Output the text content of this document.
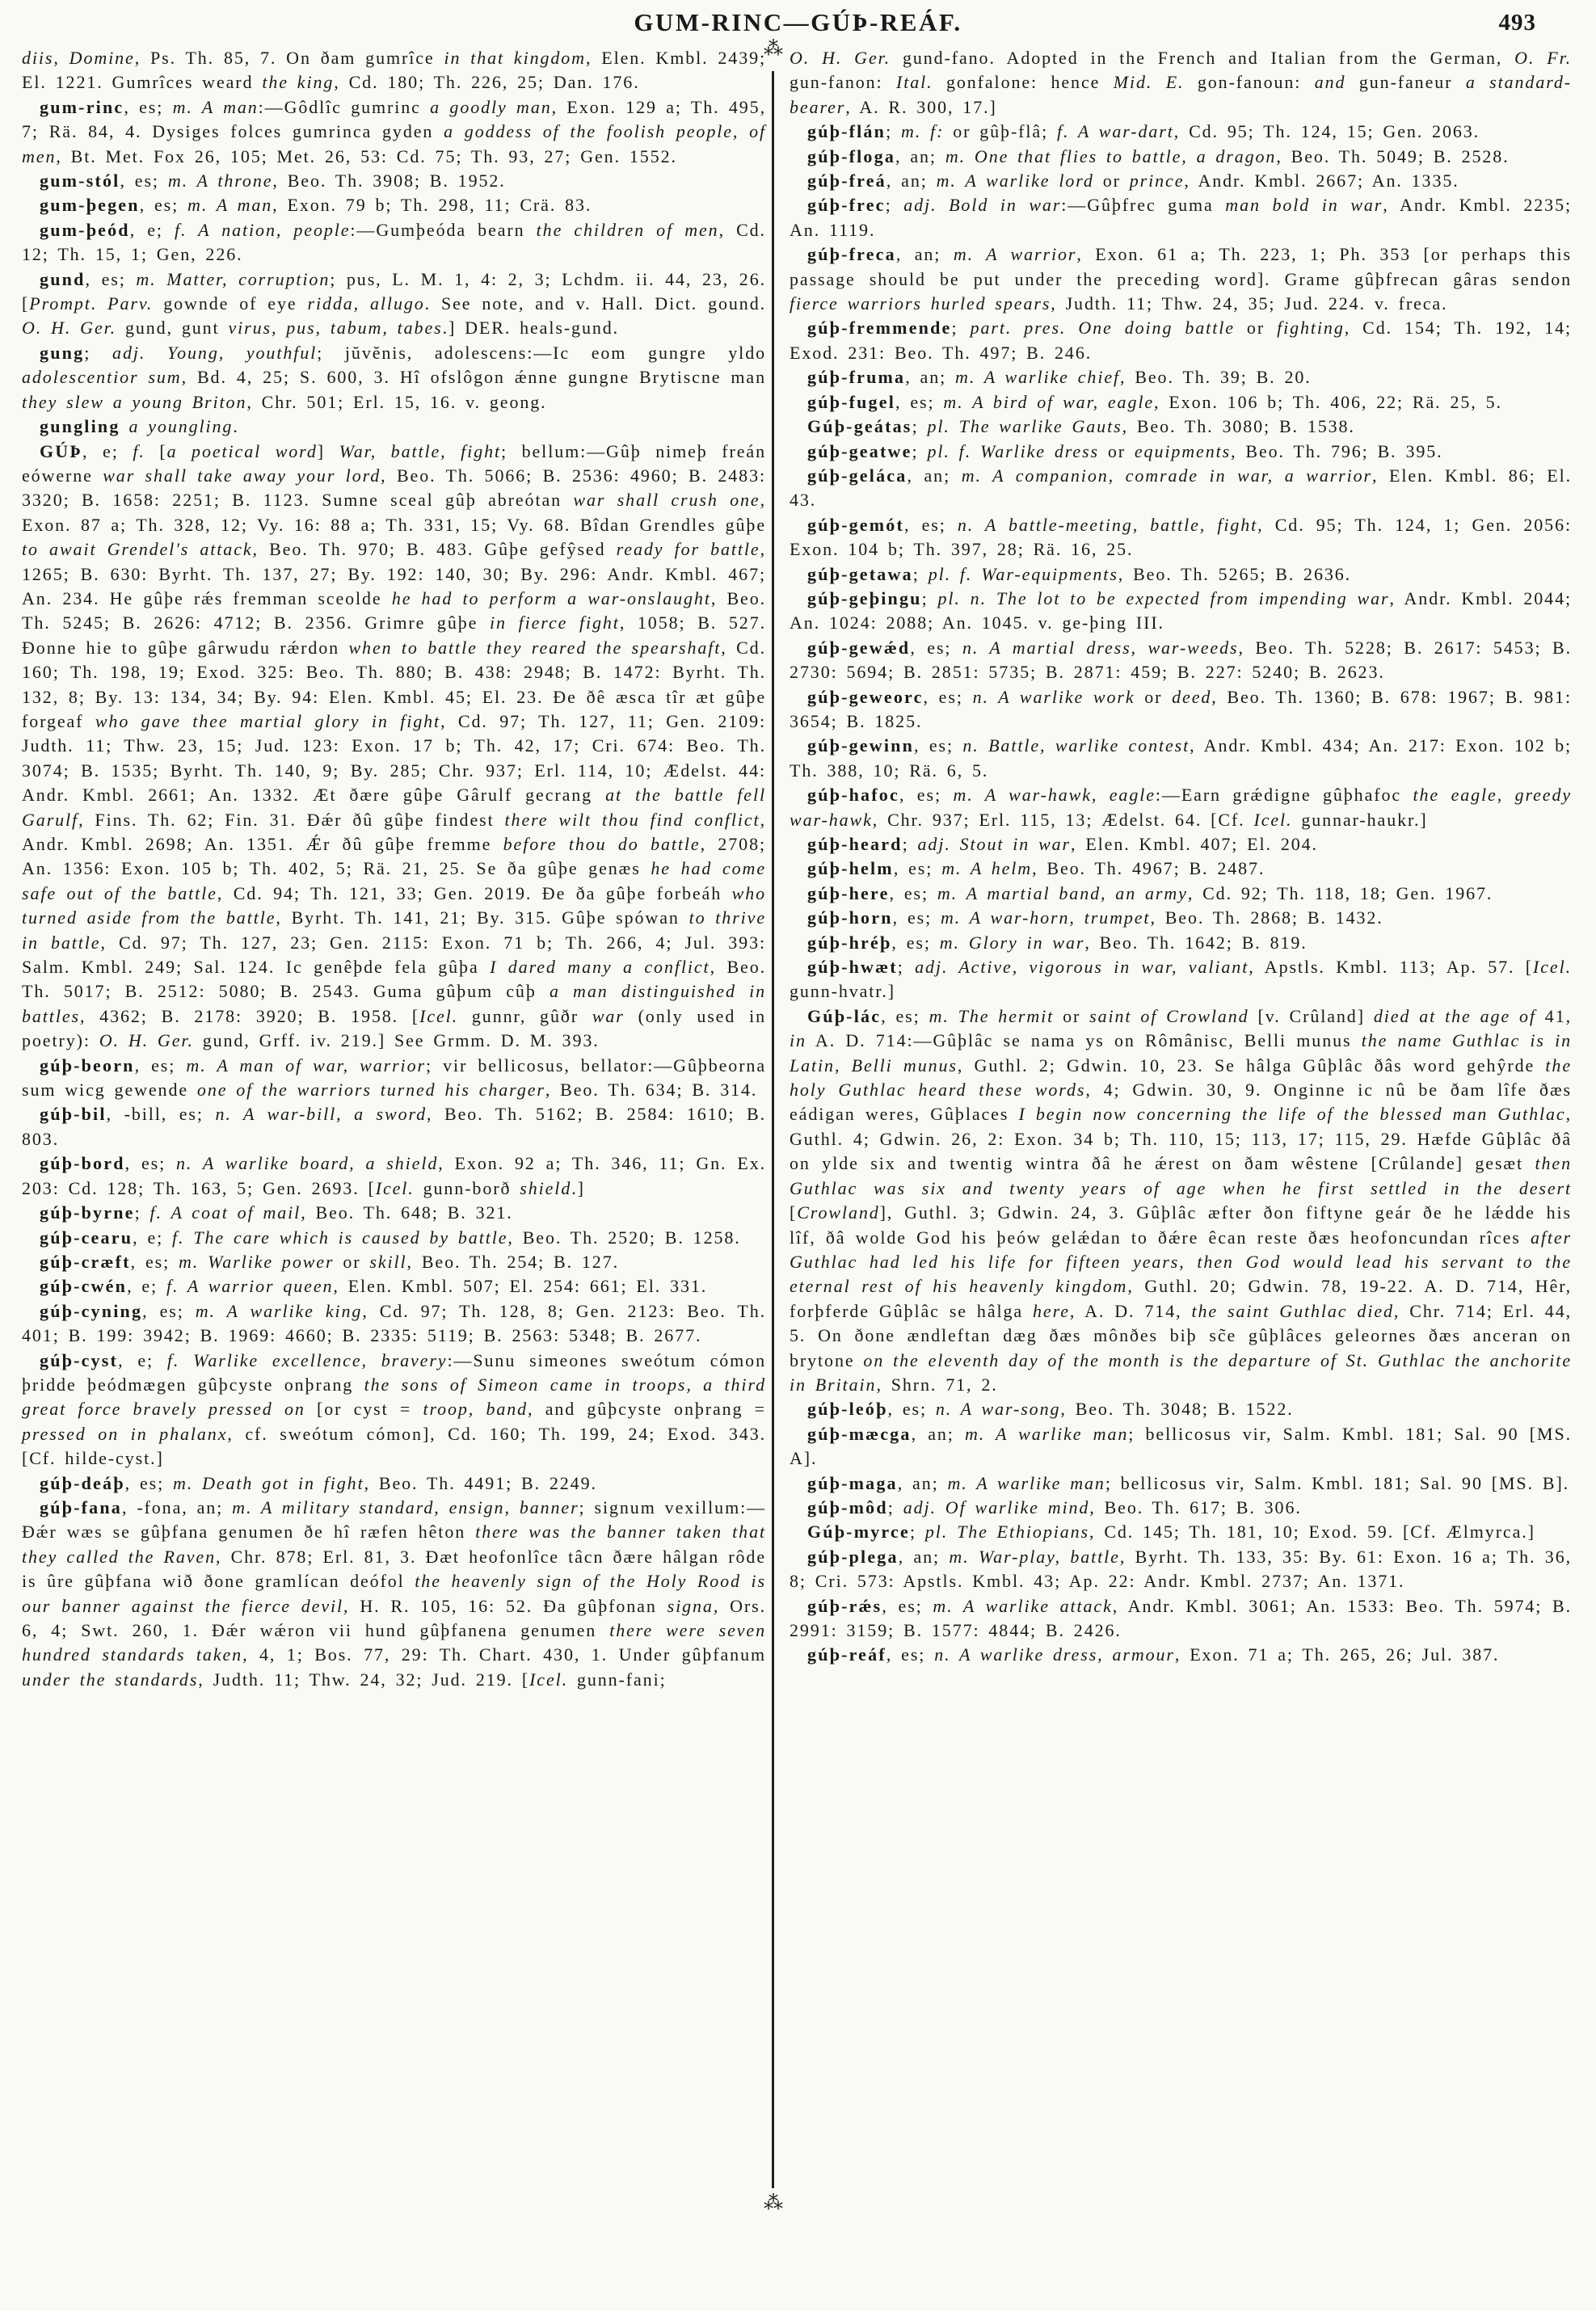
GUM-RINC—GÚÞ-REÁF.	493
⁂
⁂

diis, Domine, Ps. Th. 85, 7. On ðam gumrîce in that kingdom, Elen. Kmbl. 2439; El. 1221. Gumrîces weard the king, Cd. 180; Th. 226, 25; Dan. 176.

gum-rinc, es; m. A man:—Gôdlîc gumrinc a goodly man, Exon. 129 a; Th. 495, 7; Rä. 84, 4. Dysiges folces gumrinca gyden a goddess of the foolish people, of men, Bt. Met. Fox 26, 105; Met. 26, 53: Cd. 75; Th. 93, 27; Gen. 1552.

gum-stól, es; m. A throne, Beo. Th. 3908; B. 1952.

gum-þegen, es; m. A man, Exon. 79 b; Th. 298, 11; Crä. 83.

gum-þeód, e; f. A nation, people:—Gumþeóda bearn the children of men, Cd. 12; Th. 15, 1; Gen, 226.

gund, es; m. Matter, corruption; pus, L. M. 1, 4: 2, 3; Lchdm. ii. 44, 23, 26. [Prompt. Parv. gownde of eye ridda, allugo. See note, and v. Hall. Dict. gound. O. H. Ger. gund, gunt virus, pus, tabum, tabes.] DER. heals-gund.

gung; adj. Young, youthful; jŭvĕnis, adolescens:—Ic eom gungre yldo adolescentior sum, Bd. 4, 25; S. 600, 3. Hî ofslôgon ǽnne gungne Brytiscne man they slew a young Briton, Chr. 501; Erl. 15, 16. v. geong.

gungling a youngling.

GÚÞ, e; f. [a poetical word] War, battle, fight; bellum:—Gûþ nimeþ freán eówerne war shall take away your lord, Beo. Th. 5066; B. 2536: 4960; B. 2483: 3320; B. 1658: 2251; B. 1123. Sumne sceal gûþ abreótan war shall crush one, Exon. 87 a; Th. 328, 12; Vy. 16: 88 a; Th. 331, 15; Vy. 68. Bîdan Grendles gûþe to await Grendel's attack, Beo. Th. 970; B. 483. Gûþe gefŷsed ready for battle, 1265; B. 630: Byrht. Th. 137, 27; By. 192: 140, 30; By. 296: Andr. Kmbl. 467; An. 234. He gûþe rǽs fremman sceolde he had to perform a war-onslaught, Beo. Th. 5245; B. 2626: 4712; B. 2356. Grimre gûþe in fierce fight, 1058; B. 527. Ðonne hie to gûþe gârwudu rǽrdon when to battle they reared the spearshaft, Cd. 160; Th. 198, 19; Exod. 325: Beo. Th. 880; B. 438: 2948; B. 1472: Byrht. Th. 132, 8; By. 13: 134, 34; By. 94: Elen. Kmbl. 45; El. 23. Ðe ðê æsca tîr æt gûþe forgeaf who gave thee martial glory in fight, Cd. 97; Th. 127, 11; Gen. 2109: Judth. 11; Thw. 23, 15; Jud. 123: Exon. 17 b; Th. 42, 17; Cri. 674: Beo. Th. 3074; B. 1535; Byrht. Th. 140, 9; By. 285; Chr. 937; Erl. 114, 10; Ædelst. 44: Andr. Kmbl. 2661; An. 1332. Æt ðære gûþe Gârulf gecrang at the battle fell Garulf, Fins. Th. 62; Fin. 31. Ðǽr ðû gûþe findest there wilt thou find conflict, Andr. Kmbl. 2698; An. 1351. Ǽr ðû gûþe fremme before thou do battle, 2708; An. 1356: Exon. 105 b; Th. 402, 5; Rä. 21, 25. Se ða gûþe genæs he had come safe out of the battle, Cd. 94; Th. 121, 33; Gen. 2019. Ðe ða gûþe forbeáh who turned aside from the battle, Byrht. Th. 141, 21; By. 315. Gûþe spówan to thrive in battle, Cd. 97; Th. 127, 23; Gen. 2115: Exon. 71 b; Th. 266, 4; Jul. 393: Salm. Kmbl. 249; Sal. 124. Ic genêþde fela gûþa I dared many a conflict, Beo. Th. 5017; B. 2512: 5080; B. 2543. Guma gûþum cûþ a man distinguished in battles, 4362; B. 2178: 3920; B. 1958. [Icel. gunnr, gûðr war (only used in poetry): O. H. Ger. gund, Grff. iv. 219.] See Grmm. D. M. 393.

gúþ-beorn, es; m. A man of war, warrior; vir bellicosus, bellator:—Gûþbeorna sum wicg gewende one of the warriors turned his charger, Beo. Th. 634; B. 314.

gúþ-bil, -bill, es; n. A war-bill, a sword, Beo. Th. 5162; B. 2584: 1610; B. 803.

gúþ-bord, es; n. A warlike board, a shield, Exon. 92 a; Th. 346, 11; Gn. Ex. 203: Cd. 128; Th. 163, 5; Gen. 2693. [Icel. gunn-borð shield.]

gúþ-byrne; f. A coat of mail, Beo. Th. 648; B. 321.

gúþ-cearu, e; f. The care which is caused by battle, Beo. Th. 2520; B. 1258.

gúþ-cræft, es; m. Warlike power or skill, Beo. Th. 254; B. 127.

gúþ-cwén, e; f. A warrior queen, Elen. Kmbl. 507; El. 254: 661; El. 331.

gúþ-cyning, es; m. A warlike king, Cd. 97; Th. 128, 8; Gen. 2123: Beo. Th. 401; B. 199: 3942; B. 1969: 4660; B. 2335: 5119; B. 2563: 5348; B. 2677.

gúþ-cyst, e; f. Warlike excellence, bravery:—Sunu simeones sweótum cómon þridde þeódmægen gûþcyste onþrang the sons of Simeon came in troops, a third great force bravely pressed on [or cyst = troop, band, and gûþcyste onþrang = pressed on in phalanx, cf. sweótum cómon], Cd. 160; Th. 199, 24; Exod. 343. [Cf. hilde-cyst.]

gúþ-deáþ, es; m. Death got in fight, Beo. Th. 4491; B. 2249.

gúþ-fana, -fona, an; m. A military standard, ensign, banner; signum vexillum:—Ðǽr wæs se gûþfana genumen ðe hî ræfen hêton there was the banner taken that they called the Raven, Chr. 878; Erl. 81, 3. Ðæt heofonlîce tâcn ðære hâlgan rôde is ûre gûþfana wið ðone gramlícan deófol the heavenly sign of the Holy Rood is our banner against the fierce devil, H. R. 105, 16: 52. Ða gûþfonan signa, Ors. 6, 4; Swt. 260, 1. Ðǽr wǽron vii hund gûþfanena genumen there were seven hundred standards taken, 4, 1; Bos. 77, 29: Th. Chart. 430, 1. Under gûþfanum under the standards, Judth. 11; Thw. 24, 32; Jud. 219. [Icel. gunn-fani;

O. H. Ger. gund-fano. Adopted in the French and Italian from the German, O. Fr. gun-fanon: Ital. gonfalone: hence Mid. E. gon-fanoun: and gun-faneur a standard-bearer, A. R. 300, 17.]

gúþ-flán; m. f: or gûþ-flâ; f. A war-dart, Cd. 95; Th. 124, 15; Gen. 2063.

gúþ-floga, an; m. One that flies to battle, a dragon, Beo. Th. 5049; B. 2528.

gúþ-freá, an; m. A warlike lord or prince, Andr. Kmbl. 2667; An. 1335.

gúþ-frec; adj. Bold in war:—Gûþfrec guma man bold in war, Andr. Kmbl. 2235; An. 1119.

gúþ-freca, an; m. A warrior, Exon. 61 a; Th. 223, 1; Ph. 353 [or perhaps this passage should be put under the preceding word]. Grame gûþfrecan gâras sendon fierce warriors hurled spears, Judth. 11; Thw. 24, 35; Jud. 224. v. freca.

gúþ-fremmende; part. pres. One doing battle or fighting, Cd. 154; Th. 192, 14; Exod. 231: Beo. Th. 497; B. 246.

gúþ-fruma, an; m. A warlike chief, Beo. Th. 39; B. 20.

gúþ-fugel, es; m. A bird of war, eagle, Exon. 106 b; Th. 406, 22; Rä. 25, 5.

Gúþ-geátas; pl. The warlike Gauts, Beo. Th. 3080; B. 1538.

gúþ-geatwe; pl. f. Warlike dress or equipments, Beo. Th. 796; B. 395.

gúþ-geláca, an; m. A companion, comrade in war, a warrior, Elen. Kmbl. 86; El. 43.

gúþ-gemót, es; n. A battle-meeting, battle, fight, Cd. 95; Th. 124, 1; Gen. 2056: Exon. 104 b; Th. 397, 28; Rä. 16, 25.

gúþ-getawa; pl. f. War-equipments, Beo. Th. 5265; B. 2636.

gúþ-geþingu; pl. n. The lot to be expected from impending war, Andr. Kmbl. 2044; An. 1024: 2088; An. 1045. v. ge-þing III.

gúþ-gewǽd, es; n. A martial dress, war-weeds, Beo. Th. 5228; B. 2617: 5453; B. 2730: 5694; B. 2851: 5735; B. 2871: 459; B. 227: 5240; B. 2623.

gúþ-geweorc, es; n. A warlike work or deed, Beo. Th. 1360; B. 678: 1967; B. 981: 3654; B. 1825.

gúþ-gewinn, es; n. Battle, warlike contest, Andr. Kmbl. 434; An. 217: Exon. 102 b; Th. 388, 10; Rä. 6, 5.

gúþ-hafoc, es; m. A war-hawk, eagle:—Earn grǽdigne gûþhafoc the eagle, greedy war-hawk, Chr. 937; Erl. 115, 13; Ædelst. 64. [Cf. Icel. gunnar-haukr.]

gúþ-heard; adj. Stout in war, Elen. Kmbl. 407; El. 204.

gúþ-helm, es; m. A helm, Beo. Th. 4967; B. 2487.

gúþ-here, es; m. A martial band, an army, Cd. 92; Th. 118, 18; Gen. 1967.

gúþ-horn, es; m. A war-horn, trumpet, Beo. Th. 2868; B. 1432.

gúþ-hréþ, es; m. Glory in war, Beo. Th. 1642; B. 819.

gúþ-hwæt; adj. Active, vigorous in war, valiant, Apstls. Kmbl. 113; Ap. 57. [Icel. gunn-hvatr.]

Gúþ-lác, es; m. The hermit or saint of Crowland [v. Crûland] died at the age of 41, in A. D. 714:—Gûþlâc se nama ys on Rômânisc, Belli munus the name Guthlac is in Latin, Belli munus, Guthl. 2; Gdwin. 10, 23. Se hâlga Gûþlâc ðâs word gehŷrde the holy Guthlac heard these words, 4; Gdwin. 30, 9. Onginne ic nû be ðam lîfe ðæs eádigan weres, Gûþlaces I begin now concerning the life of the blessed man Guthlac, Guthl. 4; Gdwin. 26, 2: Exon. 34 b; Th. 110, 15; 113, 17; 115, 29. Hæfde Gûþlâc ðâ on ylde six and twentig wintra ðâ he ǽrest on ðam wêstene [Crûlande] gesæt then Guthlac was six and twenty years of age when he first settled in the desert [Crowland], Guthl. 3; Gdwin. 24, 3. Gûþlâc æfter ðon fiftyne geár ðe he lǽdde his lîf, ðâ wolde God his þeów gelǽdan to ðǽre êcan reste ðæs heofoncundan rîces after Guthlac had led his life for fifteen years, then God would lead his servant to the eternal rest of his heavenly kingdom, Guthl. 20; Gdwin. 78, 19-22. A. D. 714, Hêr, forþferde Gûþlâc se hâlga here, A. D. 714, the saint Guthlac died, Chr. 714; Erl. 44, 5. On ðone ændleftan dæg ðæs mônðes biþ sc̃e gûþlâces geleornes ðæs anceran on brytone on the eleventh day of the month is the departure of St. Guthlac the anchorite in Britain, Shrn. 71, 2.

gúþ-leóþ, es; n. A war-song, Beo. Th. 3048; B. 1522.

gúþ-mæcga, an; m. A warlike man; bellicosus vir, Salm. Kmbl. 181; Sal. 90 [MS. A].

gúþ-maga, an; m. A warlike man; bellicosus vir, Salm. Kmbl. 181; Sal. 90 [MS. B].

gúþ-môd; adj. Of warlike mind, Beo. Th. 617; B. 306.

Gúþ-myrce; pl. The Ethiopians, Cd. 145; Th. 181, 10; Exod. 59. [Cf. Ælmyrca.]

gúþ-plega, an; m. War-play, battle, Byrht. Th. 133, 35: By. 61: Exon. 16 a; Th. 36, 8; Cri. 573: Apstls. Kmbl. 43; Ap. 22: Andr. Kmbl. 2737; An. 1371.

gúþ-rǽs, es; m. A warlike attack, Andr. Kmbl. 3061; An. 1533: Beo. Th. 5974; B. 2991: 3159; B. 1577: 4844; B. 2426.

gúþ-reáf, es; n. A warlike dress, armour, Exon. 71 a; Th. 265, 26; Jul. 387.
